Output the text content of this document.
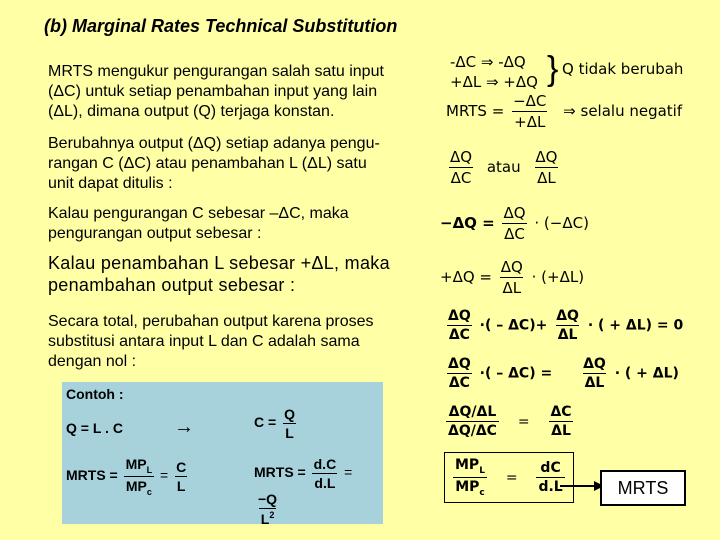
(b) Marginal Rates Technical Substitution
MRTS mengukur pengurangan salah satu input
(ΔC) untuk setiap penambahan input yang lain
(ΔL), dimana output (Q) terjaga konstan.
Berubahnya output (ΔQ) setiap adanya pengu-
rangan C (ΔC) atau penambahan L (ΔL) satu
unit dapat ditulis :
Kalau pengurangan C sebesar –ΔC, maka
pengurangan output sebesar :
Kalau penambahan L sebesar +ΔL, maka
penambahan output sebesar :
Secara total, perubahan output karena proses
substitusi antara input L dan C adalah sama
dengan nol :
-ΔC ⇒ -ΔQ
+ΔL ⇒ +ΔQ } Q tidak berubah
MRTS = $\frac{-\Delta C}{+\Delta L}$ ⇒ selalu negatif
$\frac{\Delta Q}{\Delta C}$ atau $\frac{\Delta Q}{\Delta L}$
$-\Delta Q = \frac{\Delta Q}{\Delta C} \cdot (-\Delta C)$
$+\Delta Q = \frac{\Delta Q}{\Delta L} \cdot (+\Delta L)$
$\frac{\Delta Q}{\Delta C}$ ·( – $\Delta C)+ \frac{\Delta Q}{\Delta L}$ · ( + ΔL) = 0
$\frac{\Delta Q}{\Delta C}$ ·( – $\Delta C) = \frac{\Delta Q}{\Delta L}$ · ( + ΔL)
$\frac{\Delta Q/\Delta L}{\Delta Q/\Delta C} = \frac{\Delta C}{\Delta L}$
$\frac{MP_L}{MP_c} = \frac{dC}{d.L}$	MRTS
Contoh :
Q = L . C	→	$C = \frac{Q}{L}$
MRTS = $\frac{MP_L}{MP_c} = \frac{C}{L}$	MRTS = $\frac{d.C}{d.L}$ =
$\frac{-Q}{L^2}$
